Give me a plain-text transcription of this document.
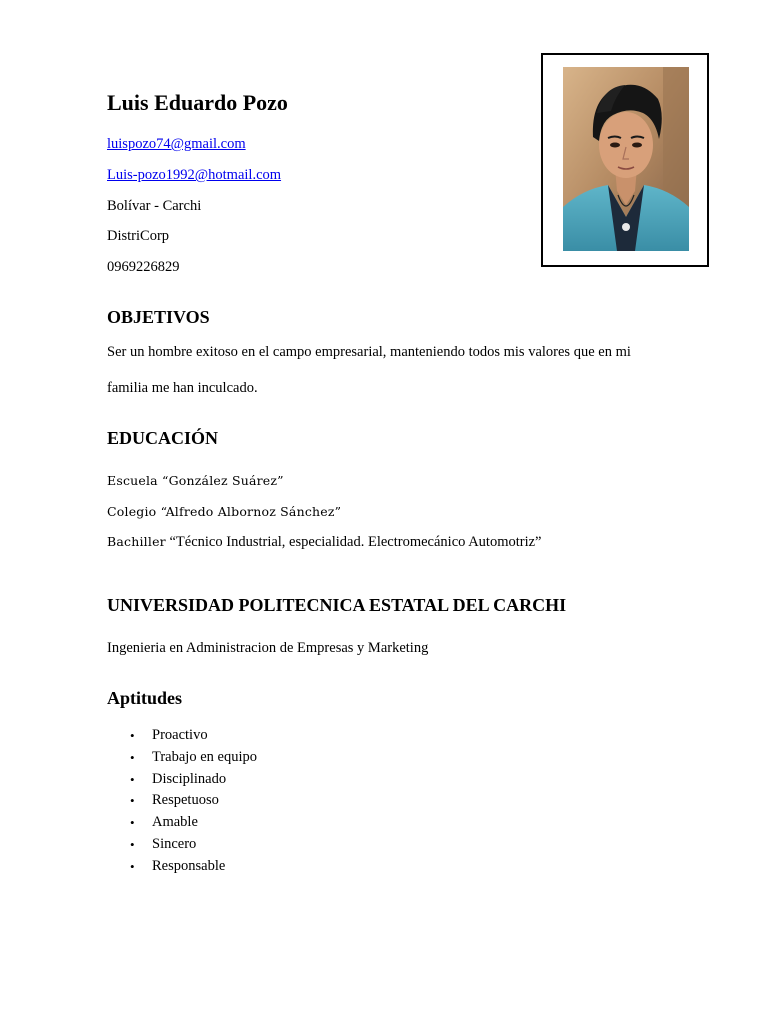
Luis Eduardo Pozo
luispozo74@gmail.com
Luis-pozo1992@hotmail.com
Bolívar - Carchi
DistriCorp
0969226829
OBJETIVOS
Ser un hombre exitoso en el campo empresarial, manteniendo todos mis valores que en mi
familia me han inculcado.
EDUCACIÓN
Escuela “González Suárez”
Colegio “Alfredo Albornoz Sánchez”
Bachiller “Técnico Industrial, especialidad. Electromecánico Automotriz”
UNIVERSIDAD POLITECNICA ESTATAL DEL CARCHI
Ingenieria en Administracion de Empresas y Marketing
Aptitudes
• Proactivo
• Trabajo en equipo
• Disciplinado
• Respetuoso
• Amable
• Sincero
• Responsable
